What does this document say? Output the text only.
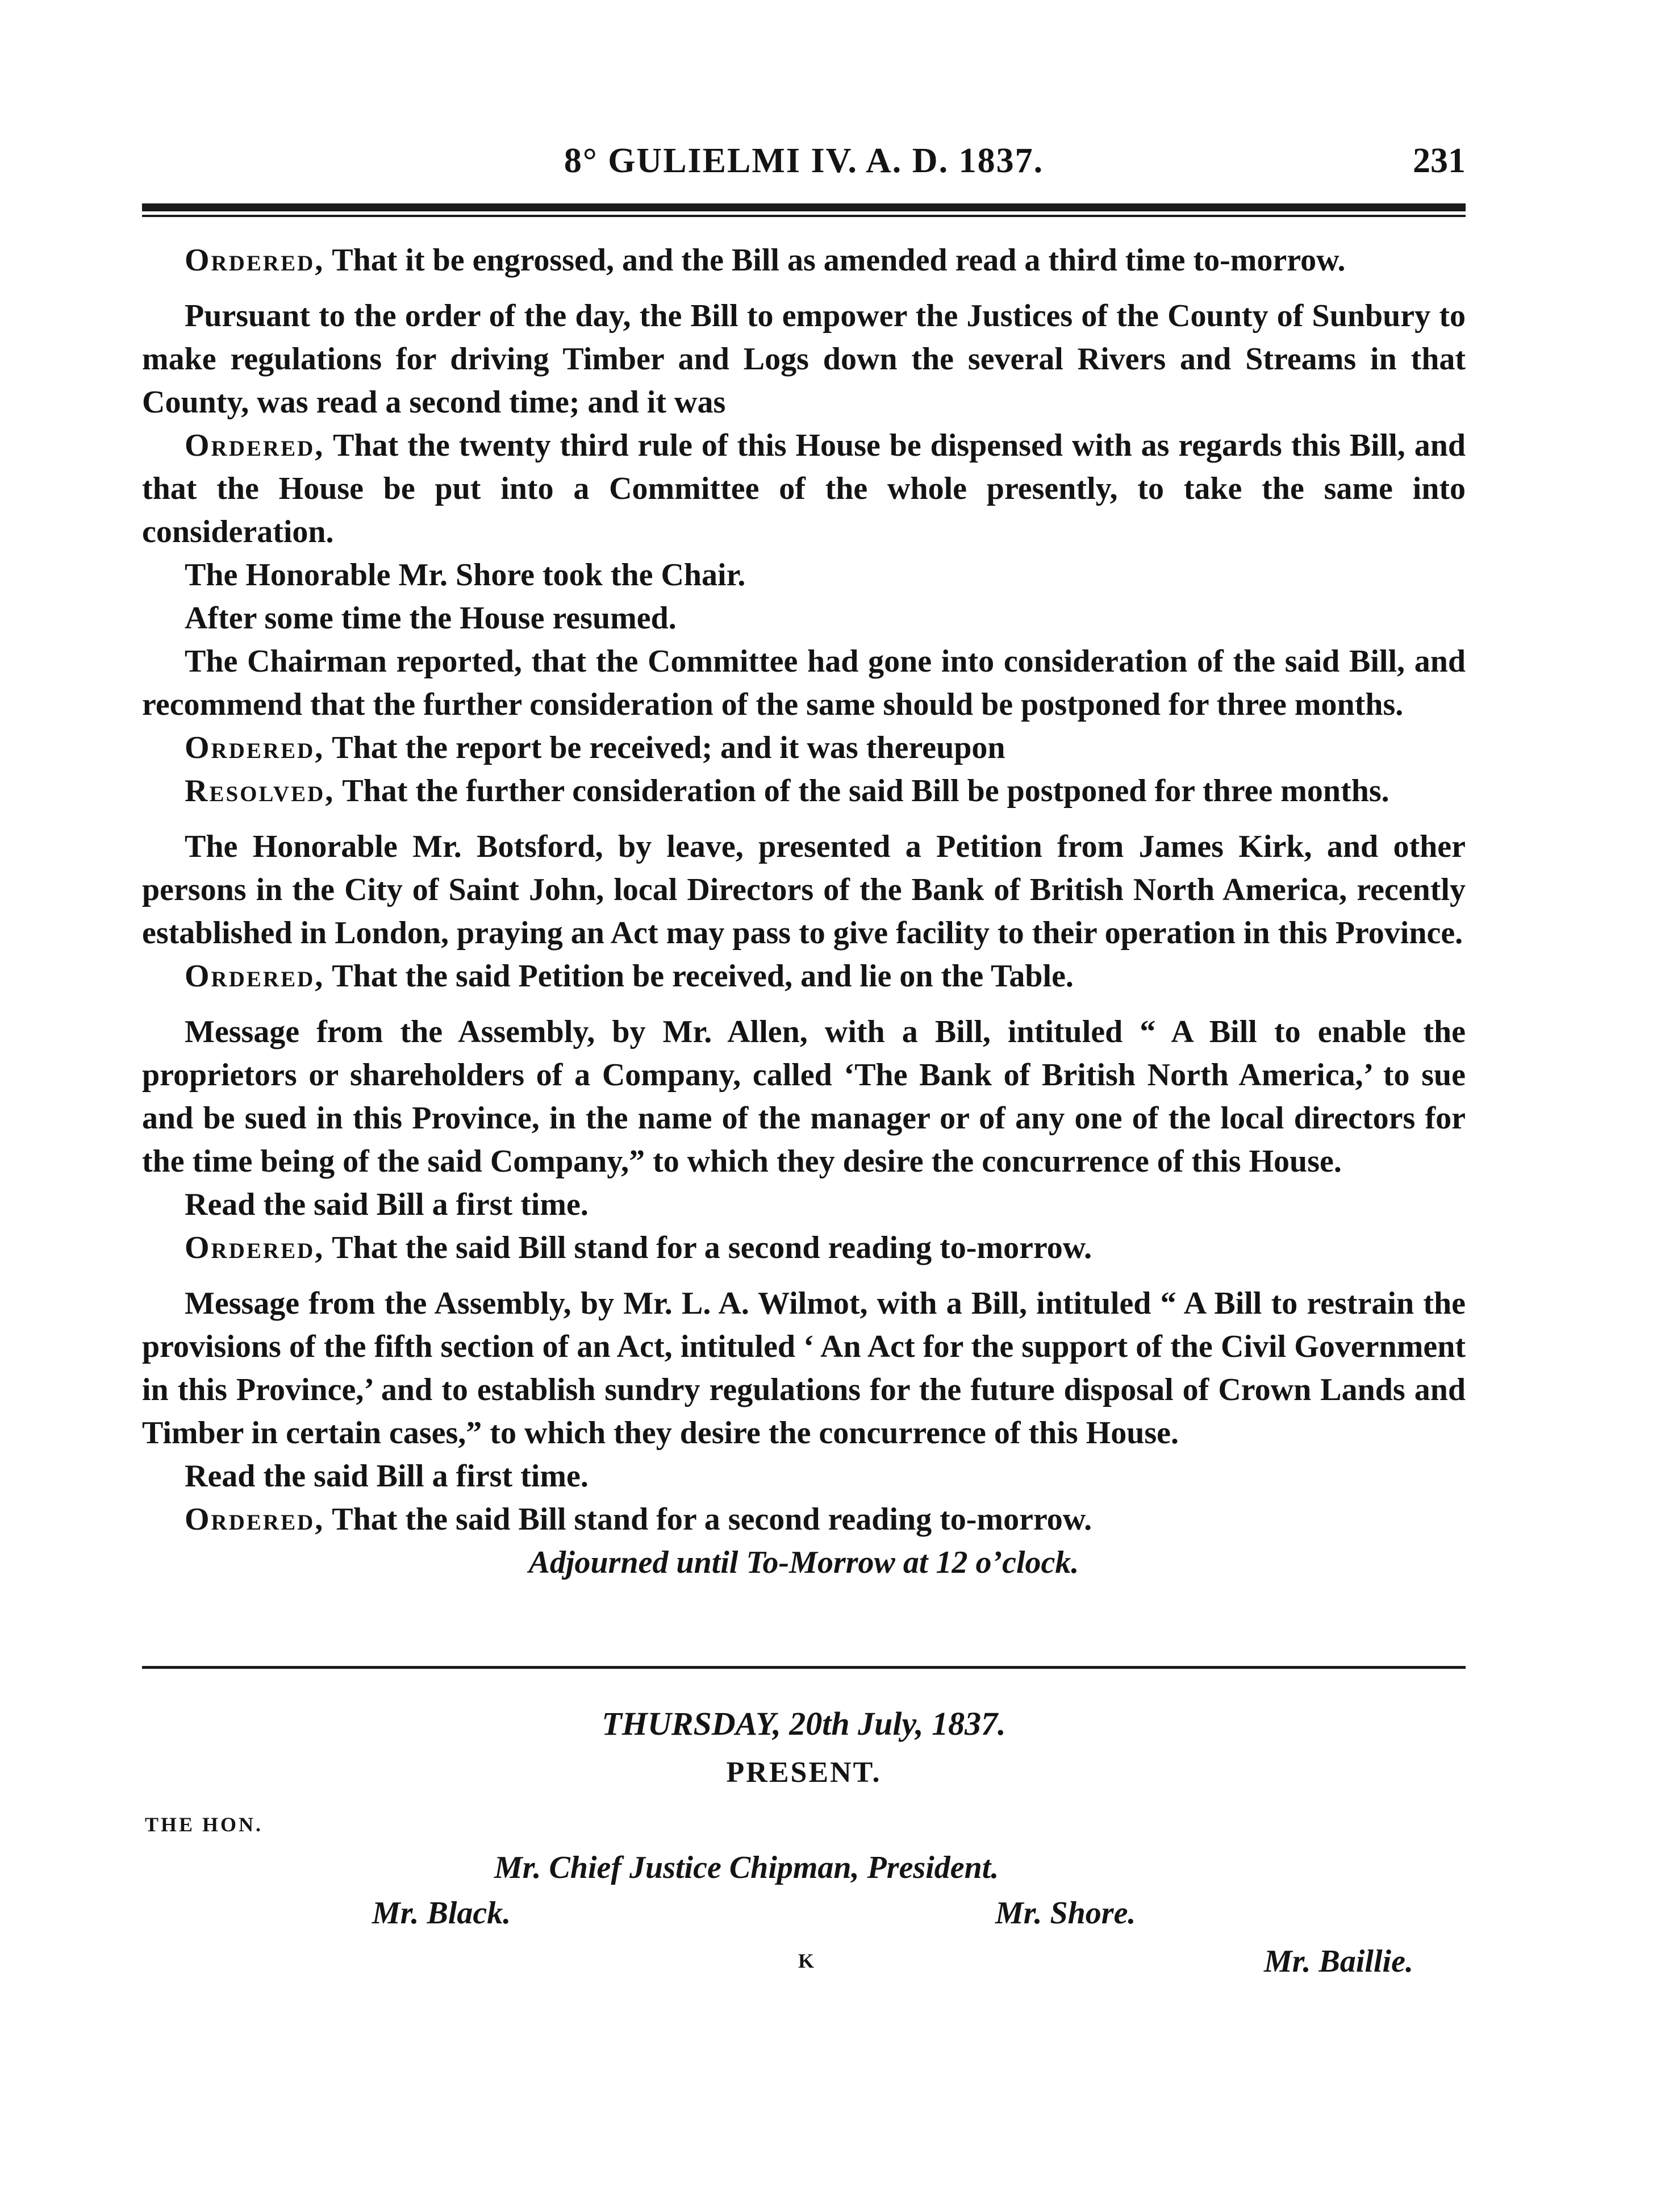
8° GULIELMI IV. A. D. 1837.	231

Ordered, That it be engrossed, and the Bill as amended read a third time to-morrow.

Pursuant to the order of the day, the Bill to empower the Justices of the County of Sunbury to make regulations for driving Timber and Logs down the several Rivers and Streams in that County, was read a second time; and it was

Ordered, That the twenty third rule of this House be dispensed with as regards this Bill, and that the House be put into a Committee of the whole presently, to take the same into consideration.

The Honorable Mr. Shore took the Chair.

After some time the House resumed.

The Chairman reported, that the Committee had gone into consideration of the said Bill, and recommend that the further consideration of the same should be postponed for three months.

Ordered, That the report be received; and it was thereupon

Resolved, That the further consideration of the said Bill be postponed for three months.

The Honorable Mr. Botsford, by leave, presented a Petition from James Kirk, and other persons in the City of Saint John, local Directors of the Bank of British North America, recently established in London, praying an Act may pass to give facility to their operation in this Province.

Ordered, That the said Petition be received, and lie on the Table.

Message from the Assembly, by Mr. Allen, with a Bill, intituled “ A Bill to enable the proprietors or shareholders of a Company, called ‘The Bank of British North America,’ to sue and be sued in this Province, in the name of the manager or of any one of the local directors for the time being of the said Company,” to which they desire the concurrence of this House.

Read the said Bill a first time.

Ordered, That the said Bill stand for a second reading to-morrow.

Message from the Assembly, by Mr. L. A. Wilmot, with a Bill, intituled “ A Bill to restrain the provisions of the fifth section of an Act, intituled ‘ An Act for the support of the Civil Government in this Province,’ and to establish sundry regulations for the future disposal of Crown Lands and Timber in certain cases,” to which they desire the concurrence of this House.

Read the said Bill a first time.

Ordered, That the said Bill stand for a second reading to-morrow.

Adjourned until To-Morrow at 12 o’clock.

THURSDAY, 20th July, 1837.
PRESENT.
THE HON.
Mr. Chief Justice Chipman, President.
Mr. Black.	Mr. Shore.
Mr. Baillie.
K
